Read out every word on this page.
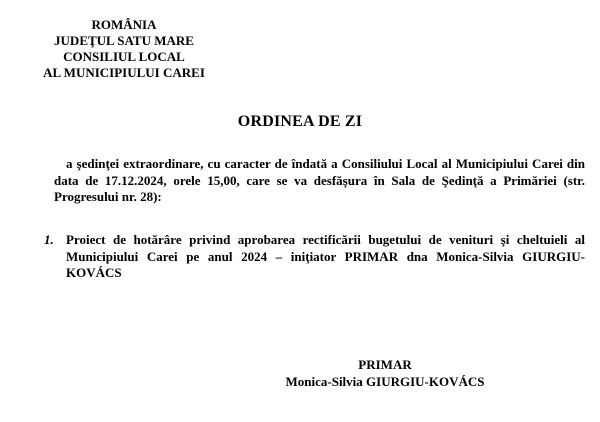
ROMÂNIA
JUDEŢUL SATU MARE
CONSILIUL LOCAL
AL MUNICIPIULUI CAREI
ORDINEA DE ZI
a şedinţei extraordinare, cu caracter de îndată a Consiliului Local al Municipiului Carei din data de 17.12.2024, orele 15,00, care se va desfăşura în Sala de Şedinţă a Primăriei (str. Progresului nr. 28):
1. Proiect de hotărâre privind aprobarea rectificării bugetului de venituri şi cheltuieli al Municipiului Carei pe anul 2024 – iniţiator PRIMAR dna Monica-Silvia GIURGIU-KOVÁCS
PRIMAR
Monica-Silvia GIURGIU-KOVÁCS
